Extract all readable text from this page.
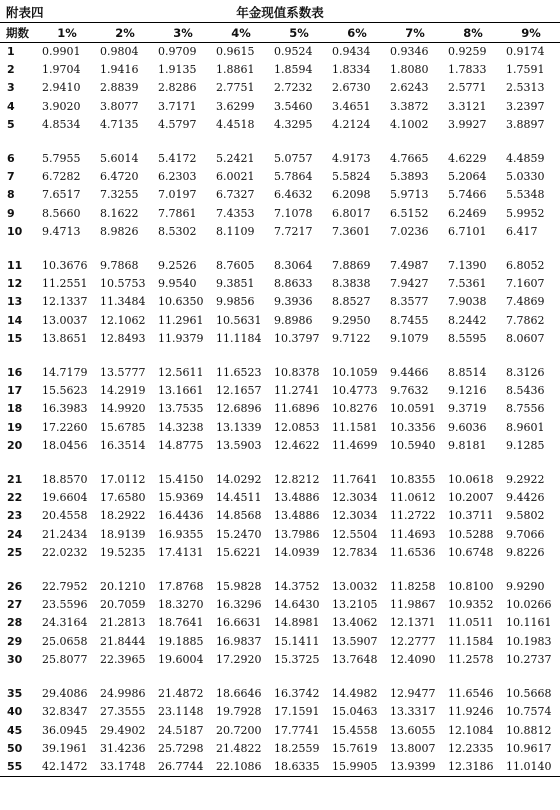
附表四	年金现值系数表
期数	1%	2%	3%	4%	5%	6%	7%	8%	9%
1	0.9901	0.9804	0.9709	0.9615	0.9524	0.9434	0.9346	0.9259	0.9174
2	1.9704	1.9416	1.9135	1.8861	1.8594	1.8334	1.8080	1.7833	1.7591
3	2.9410	2.8839	2.8286	2.7751	2.7232	2.6730	2.6243	2.5771	2.5313
4	3.9020	3.8077	3.7171	3.6299	3.5460	3.4651	3.3872	3.3121	3.2397
5	4.8534	4.7135	4.5797	4.4518	4.3295	4.2124	4.1002	3.9927	3.8897

6	5.7955	5.6014	5.4172	5.2421	5.0757	4.9173	4.7665	4.6229	4.4859
7	6.7282	6.4720	6.2303	6.0021	5.7864	5.5824	5.3893	5.2064	5.0330
8	7.6517	7.3255	7.0197	6.7327	6.4632	6.2098	5.9713	5.7466	5.5348
9	8.5660	8.1622	7.7861	7.4353	7.1078	6.8017	6.5152	6.2469	5.9952
10	9.4713	8.9826	8.5302	8.1109	7.7217	7.3601	7.0236	6.7101	6.417

11	10.3676	9.7868	9.2526	8.7605	8.3064	7.8869	7.4987	7.1390	6.8052
12	11.2551	10.5753	9.9540	9.3851	8.8633	8.3838	7.9427	7.5361	7.1607
13	12.1337	11.3484	10.6350	9.9856	9.3936	8.8527	8.3577	7.9038	7.4869
14	13.0037	12.1062	11.2961	10.5631	9.8986	9.2950	8.7455	8.2442	7.7862
15	13.8651	12.8493	11.9379	11.1184	10.3797	9.7122	9.1079	8.5595	8.0607

16	14.7179	13.5777	12.5611	11.6523	10.8378	10.1059	9.4466	8.8514	8.3126
17	15.5623	14.2919	13.1661	12.1657	11.2741	10.4773	9.7632	9.1216	8.5436
18	16.3983	14.9920	13.7535	12.6896	11.6896	10.8276	10.0591	9.3719	8.7556
19	17.2260	15.6785	14.3238	13.1339	12.0853	11.1581	10.3356	9.6036	8.9601
20	18.0456	16.3514	14.8775	13.5903	12.4622	11.4699	10.5940	9.8181	9.1285

21	18.8570	17.0112	15.4150	14.0292	12.8212	11.7641	10.8355	10.0618	9.2922
22	19.6604	17.6580	15.9369	14.4511	13.4886	12.3034	11.0612	10.2007	9.4426
23	20.4558	18.2922	16.4436	14.8568	13.4886	12.3034	11.2722	10.3711	9.5802
24	21.2434	18.9139	16.9355	15.2470	13.7986	12.5504	11.4693	10.5288	9.7066
25	22.0232	19.5235	17.4131	15.6221	14.0939	12.7834	11.6536	10.6748	9.8226

26	22.7952	20.1210	17.8768	15.9828	14.3752	13.0032	11.8258	10.8100	9.9290
27	23.5596	20.7059	18.3270	16.3296	14.6430	13.2105	11.9867	10.9352	10.0266
28	24.3164	21.2813	18.7641	16.6631	14.8981	13.4062	12.1371	11.0511	10.1161
29	25.0658	21.8444	19.1885	16.9837	15.1411	13.5907	12.2777	11.1584	10.1983
30	25.8077	22.3965	19.6004	17.2920	15.3725	13.7648	12.4090	11.2578	10.2737

35	29.4086	24.9986	21.4872	18.6646	16.3742	14.4982	12.9477	11.6546	10.5668
40	32.8347	27.3555	23.1148	19.7928	17.1591	15.0463	13.3317	11.9246	10.7574
45	36.0945	29.4902	24.5187	20.7200	17.7741	15.4558	13.6055	12.1084	10.8812
50	39.1961	31.4236	25.7298	21.4822	18.2559	15.7619	13.8007	12.2335	10.9617
55	42.1472	33.1748	26.7744	22.1086	18.6335	15.9905	13.9399	12.3186	11.0140
